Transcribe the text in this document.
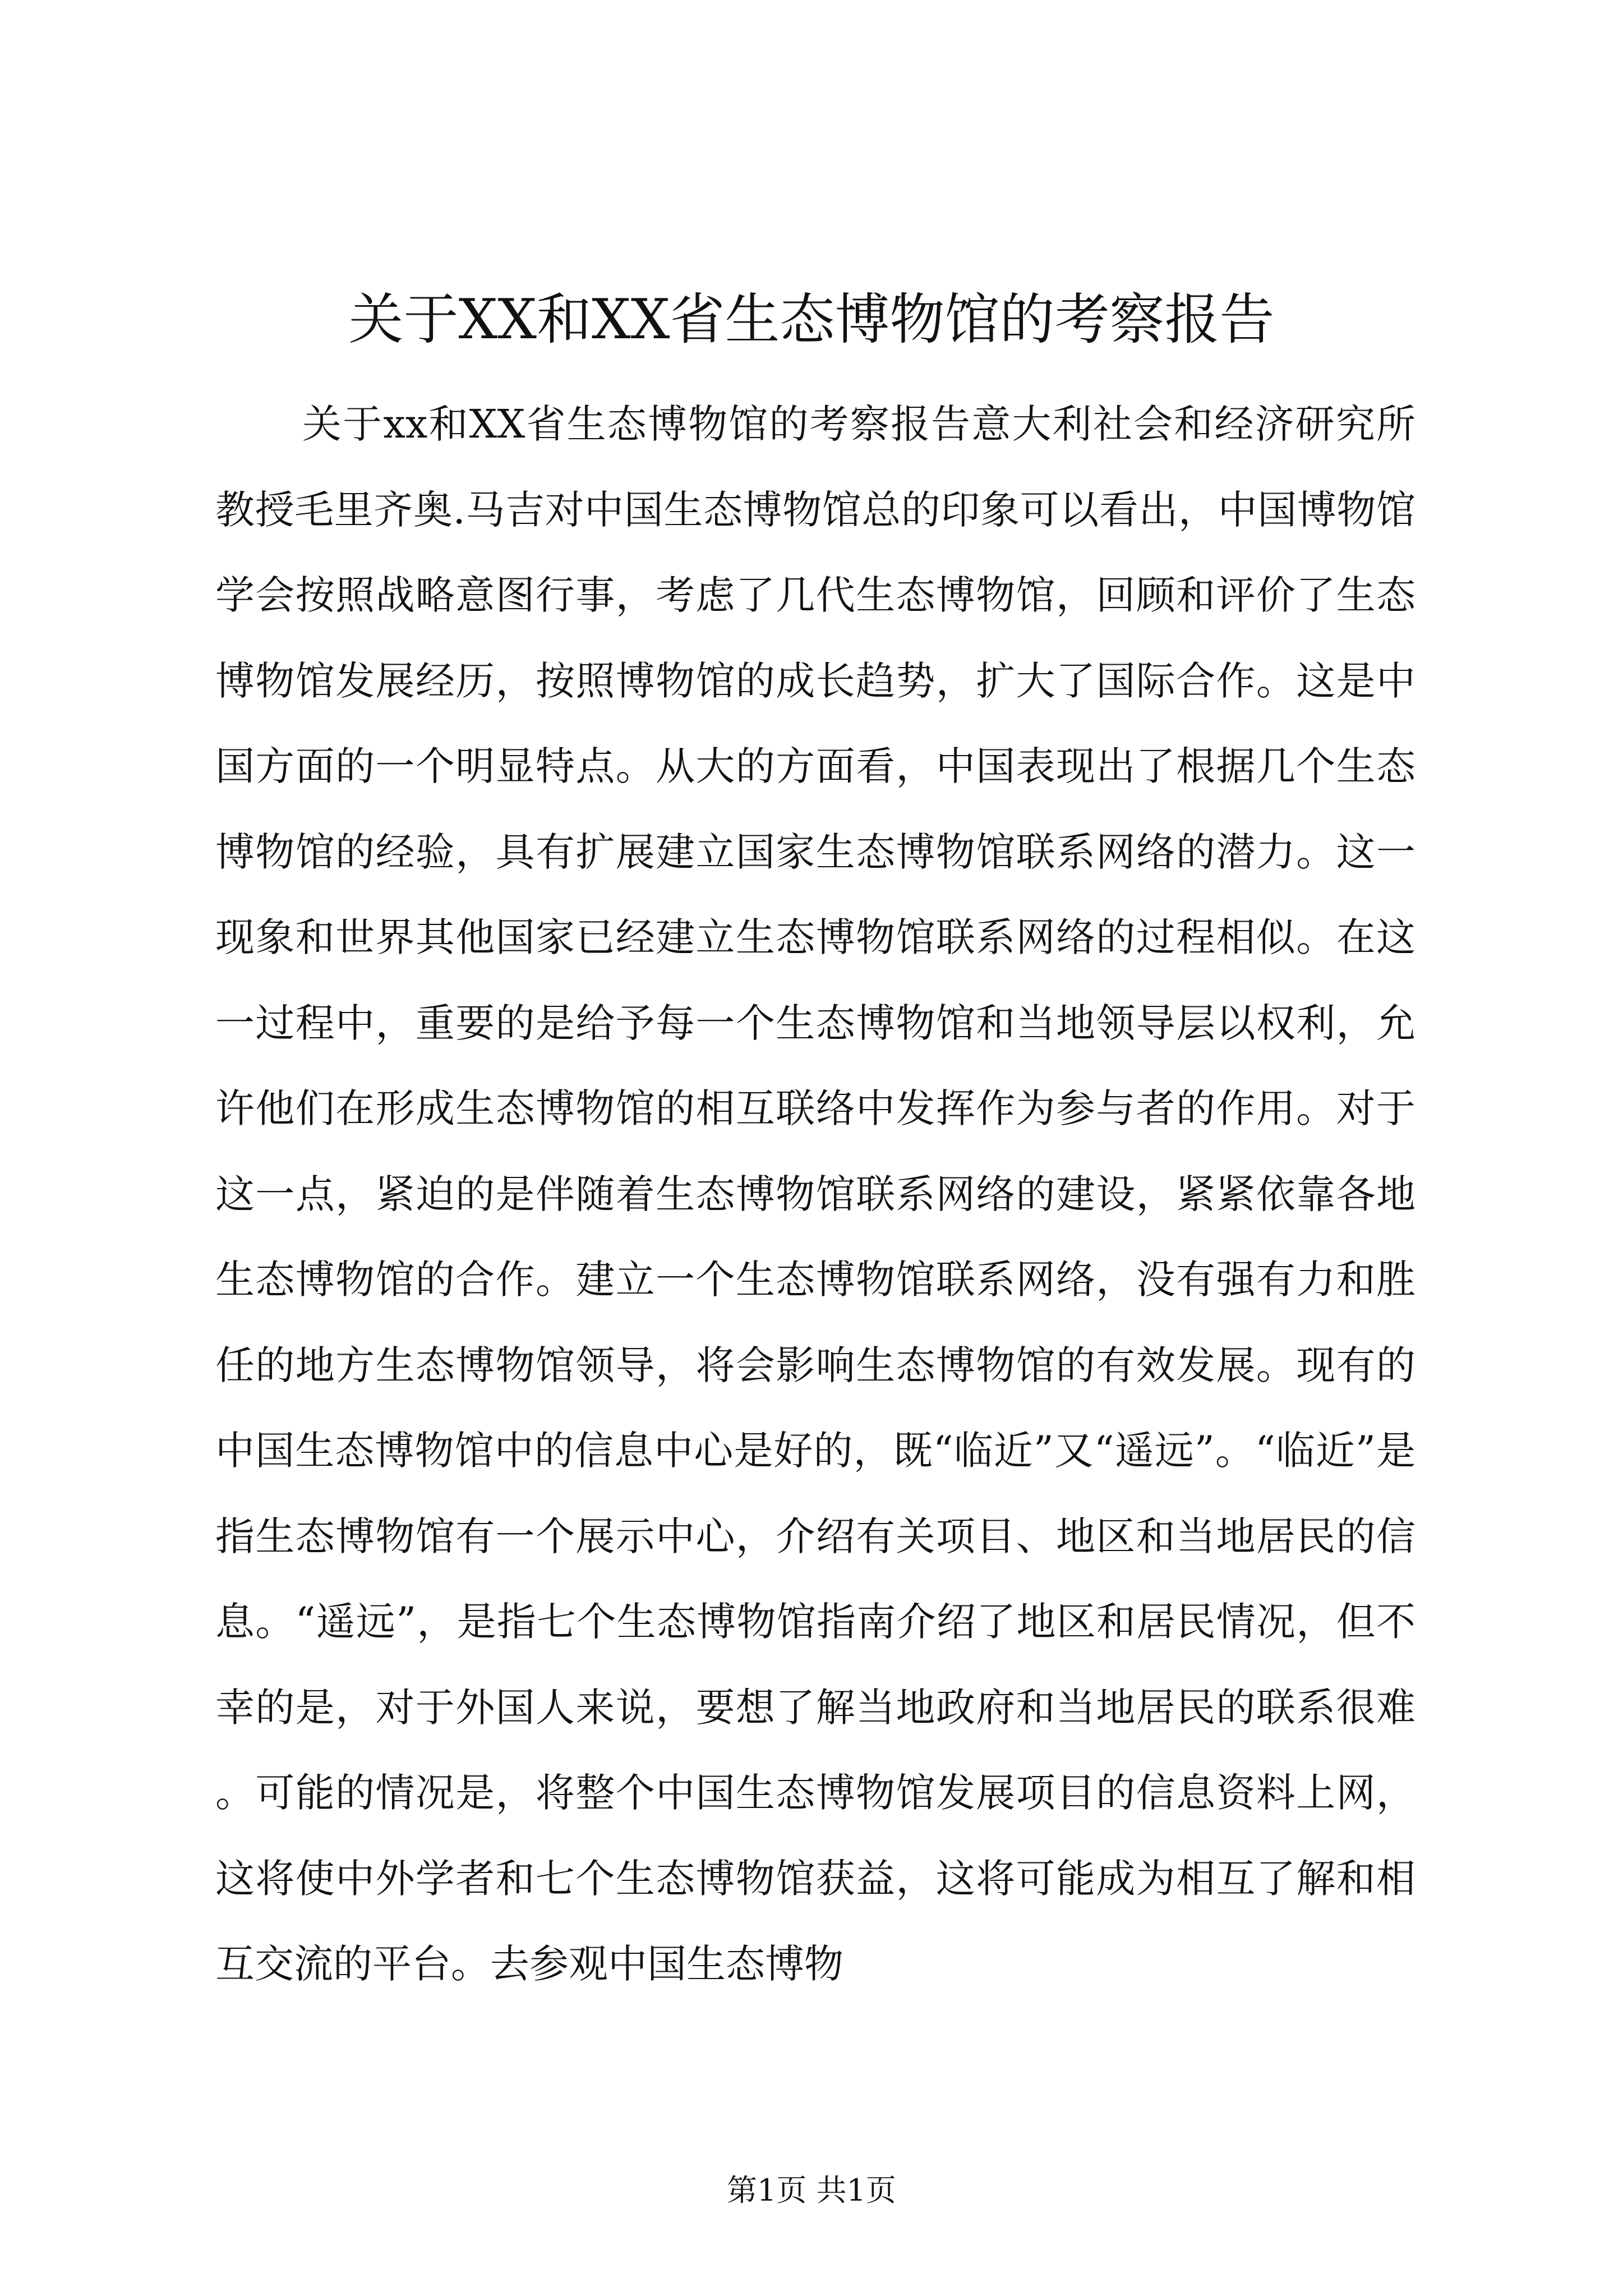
关于XX和XX省生态博物馆的考察报告

关于xx和XX省生态博物馆的考察报告意大利社会和经济研究所教授毛里齐奥.马吉对中国生态博物馆总的印象可以看出，中国博物馆学会按照战略意图行事，考虑了几代生态博物馆，回顾和评价了生态博物馆发展经历，按照博物馆的成长趋势，扩大了国际合作。这是中国方面的一个明显特点。从大的方面看，中国表现出了根据几个生态博物馆的经验，具有扩展建立国家生态博物馆联系网络的潜力。这一现象和世界其他国家已经建立生态博物馆联系网络的过程相似。在这一过程中，重要的是给予每一个生态博物馆和当地领导层以权利，允许他们在形成生态博物馆的相互联络中发挥作为参与者的作用。对于这一点，紧迫的是伴随着生态博物馆联系网络的建设，紧紧依靠各地生态博物馆的合作。建立一个生态博物馆联系网络，没有强有力和胜任的地方生态博物馆领导，将会影响生态博物馆的有效发展。现有的中国生态博物馆中的信息中心是好的，既“临近”又“遥远”。“临近”是指生态博物馆有一个展示中心，介绍有关项目、地区和当地居民的信息。“遥远”，是指七个生态博物馆指南介绍了地区和居民情况，但不幸的是，对于外国人来说，要想了解当地政府和当地居民的联系很难。可能的情况是，将整个中国生态博物馆发展项目的信息资料上网，这将使中外学者和七个生态博物馆获益，这将可能成为相互了解和相互交流的平台。去参观中国生态博物

第1页 共1页
